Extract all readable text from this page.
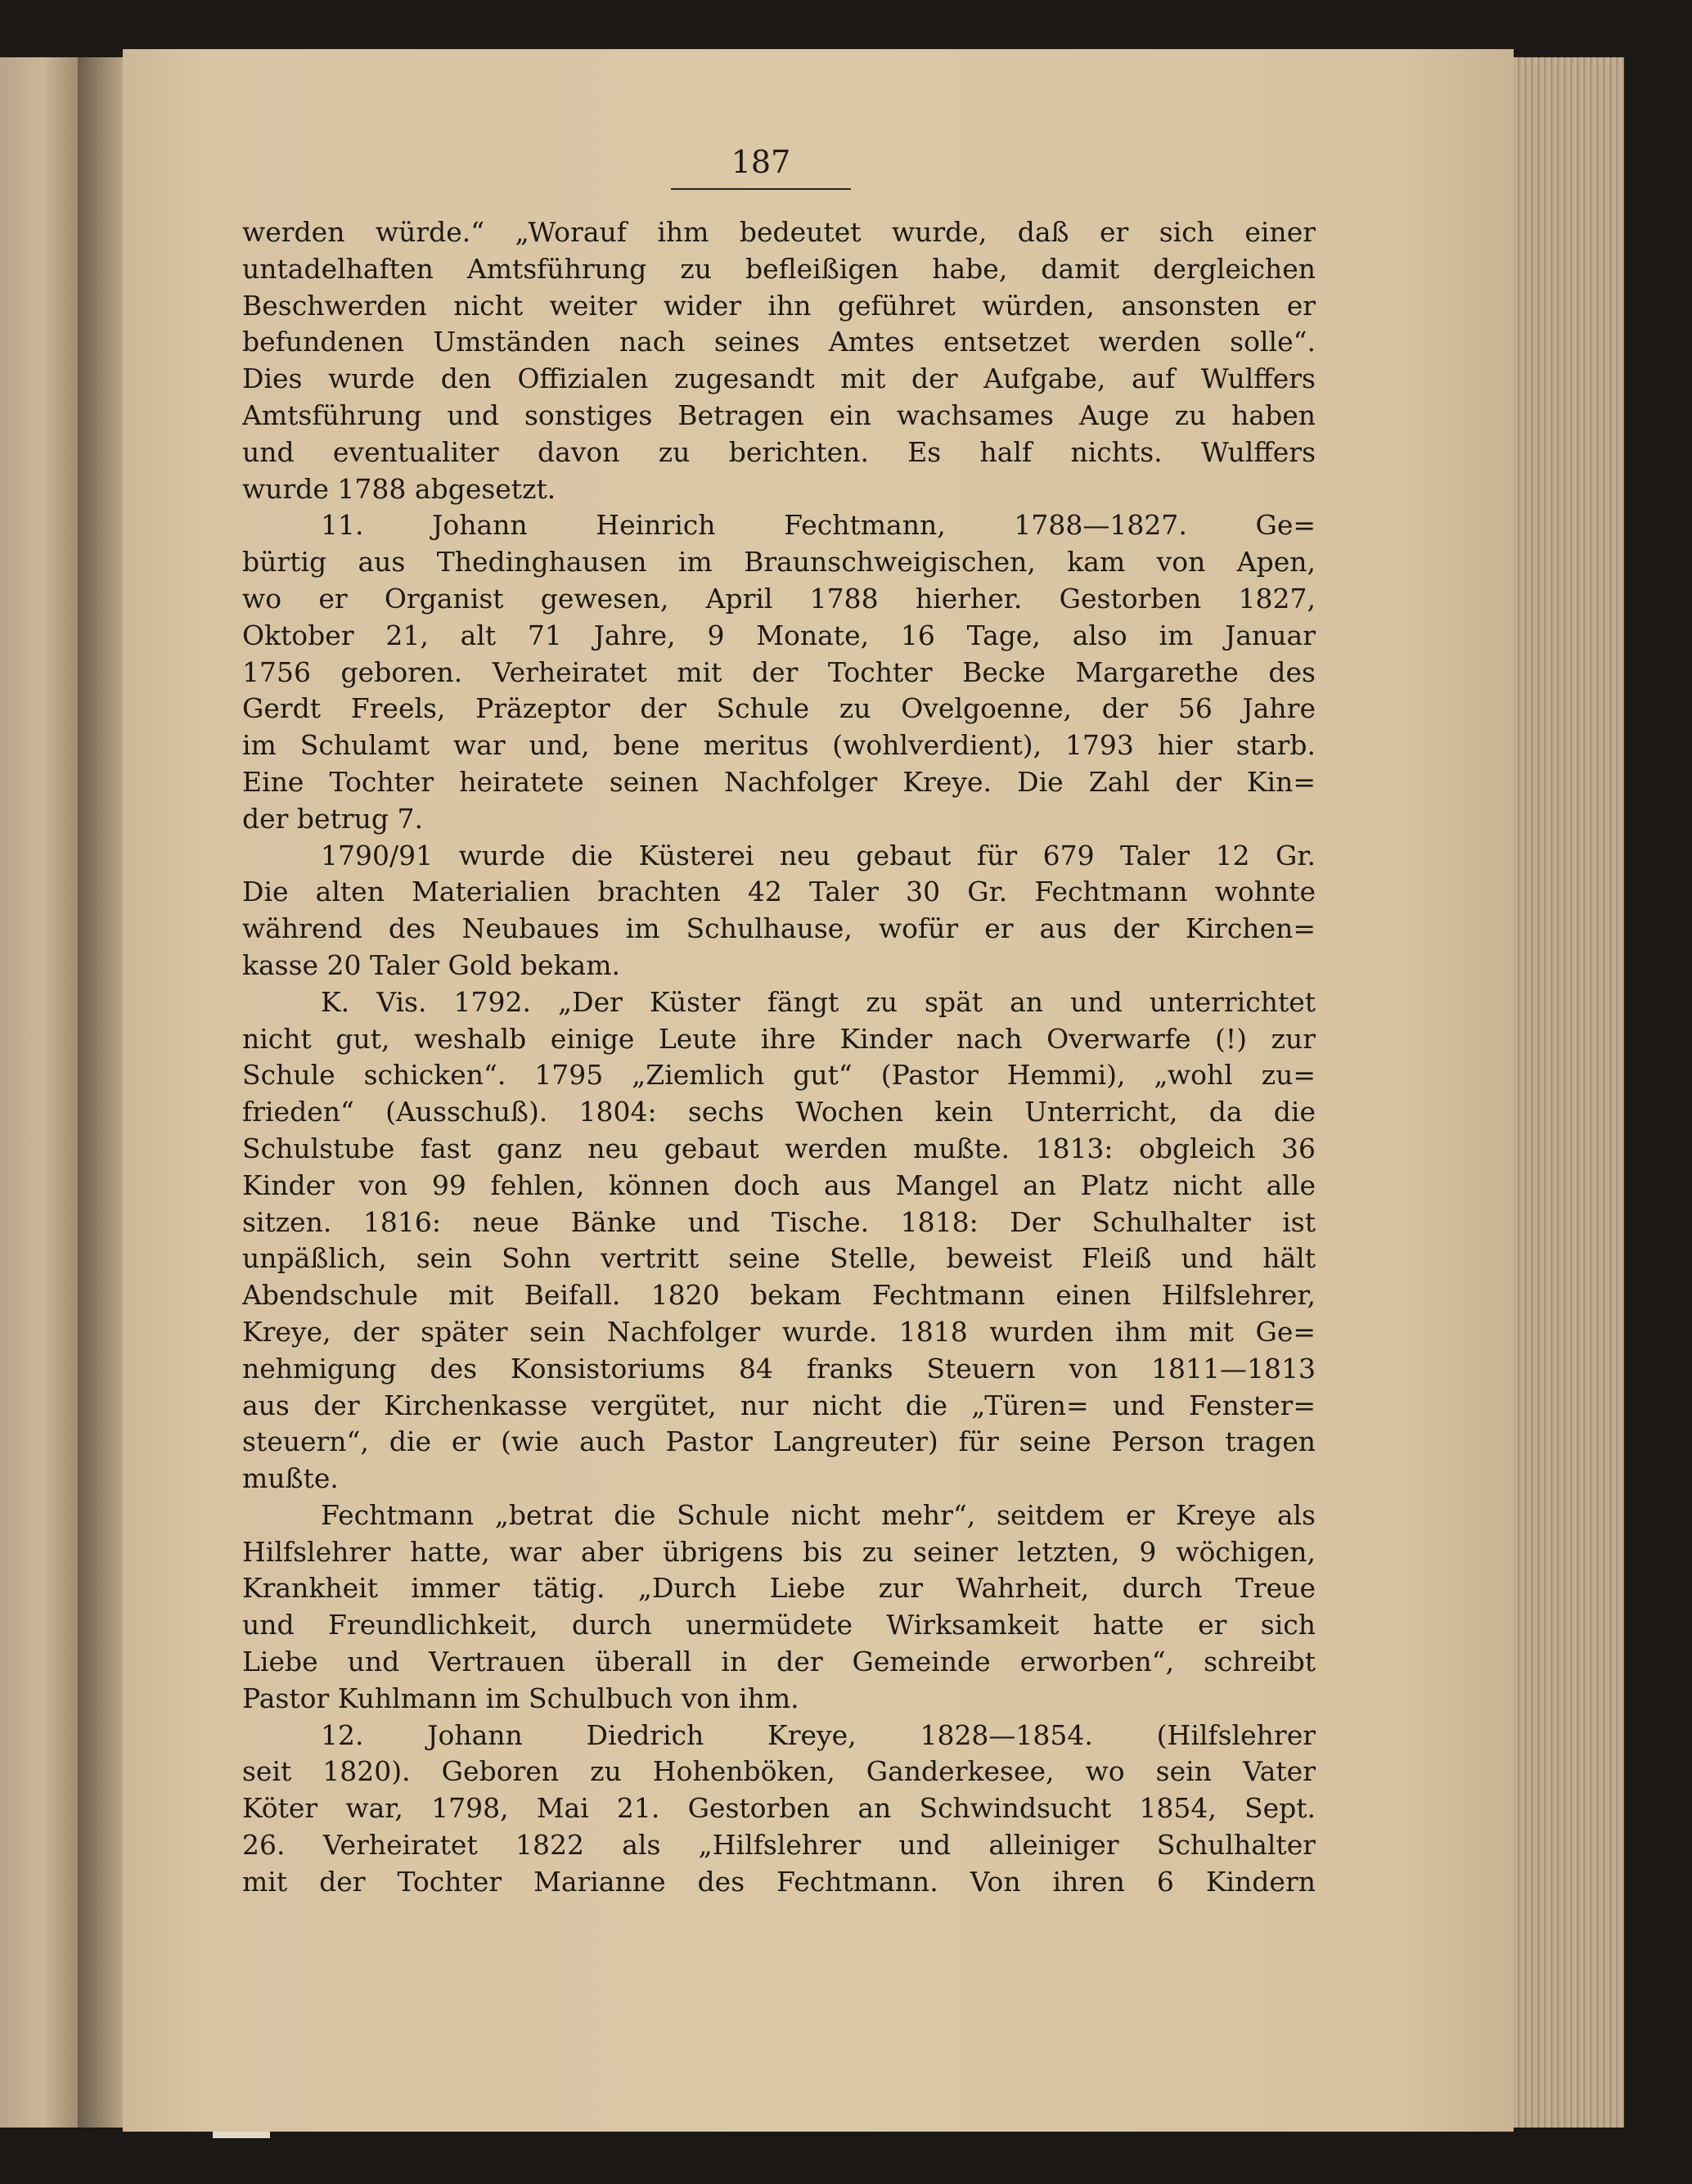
187

werden würde.“ „Worauf ihm bedeutet wurde, daß er sich einer
untadelhaften Amtsführung zu befleißigen habe, damit dergleichen
Beschwerden nicht weiter wider ihn geführet würden, ansonsten er
befundenen Umständen nach seines Amtes entsetzet werden solle“.
Dies wurde den Offizialen zugesandt mit der Aufgabe, auf Wulffers
Amtsführung und sonstiges Betragen ein wachsames Auge zu haben
und eventualiter davon zu berichten. Es half nichts. Wulffers
wurde 1788 abgesetzt.
11. Johann Heinrich Fechtmann, 1788—1827. Ge=
bürtig aus Thedinghausen im Braunschweigischen, kam von Apen,
wo er Organist gewesen, April 1788 hierher. Gestorben 1827,
Oktober 21, alt 71 Jahre, 9 Monate, 16 Tage, also im Januar
1756 geboren. Verheiratet mit der Tochter Becke Margarethe des
Gerdt Freels, Präzeptor der Schule zu Ovelgoenne, der 56 Jahre
im Schulamt war und, bene meritus (wohlverdient), 1793 hier starb.
Eine Tochter heiratete seinen Nachfolger Kreye. Die Zahl der Kin=
der betrug 7.
1790/91 wurde die Küsterei neu gebaut für 679 Taler 12 Gr.
Die alten Materialien brachten 42 Taler 30 Gr. Fechtmann wohnte
während des Neubaues im Schulhause, wofür er aus der Kirchen=
kasse 20 Taler Gold bekam.
K. Vis. 1792. „Der Küster fängt zu spät an und unterrichtet
nicht gut, weshalb einige Leute ihre Kinder nach Overwarfe (!) zur
Schule schicken“. 1795 „Ziemlich gut“ (Pastor Hemmi), „wohl zu=
frieden“ (Ausschuß). 1804: sechs Wochen kein Unterricht, da die
Schulstube fast ganz neu gebaut werden mußte. 1813: obgleich 36
Kinder von 99 fehlen, können doch aus Mangel an Platz nicht alle
sitzen. 1816: neue Bänke und Tische. 1818: Der Schulhalter ist
unpäßlich, sein Sohn vertritt seine Stelle, beweist Fleiß und hält
Abendschule mit Beifall. 1820 bekam Fechtmann einen Hilfslehrer,
Kreye, der später sein Nachfolger wurde. 1818 wurden ihm mit Ge=
nehmigung des Konsistoriums 84 franks Steuern von 1811—1813
aus der Kirchenkasse vergütet, nur nicht die „Türen= und Fenster=
steuern“, die er (wie auch Pastor Langreuter) für seine Person tragen
mußte.
Fechtmann „betrat die Schule nicht mehr“, seitdem er Kreye als
Hilfslehrer hatte, war aber übrigens bis zu seiner letzten, 9 wöchigen,
Krankheit immer tätig. „Durch Liebe zur Wahrheit, durch Treue
und Freundlichkeit, durch unermüdete Wirksamkeit hatte er sich
Liebe und Vertrauen überall in der Gemeinde erworben“, schreibt
Pastor Kuhlmann im Schulbuch von ihm.
12. Johann Diedrich Kreye, 1828—1854. (Hilfslehrer
seit 1820). Geboren zu Hohenböken, Ganderkesee, wo sein Vater
Köter war, 1798, Mai 21. Gestorben an Schwindsucht 1854, Sept.
26. Verheiratet 1822 als „Hilfslehrer und alleiniger Schulhalter
mit der Tochter Marianne des Fechtmann. Von ihren 6 Kindern
